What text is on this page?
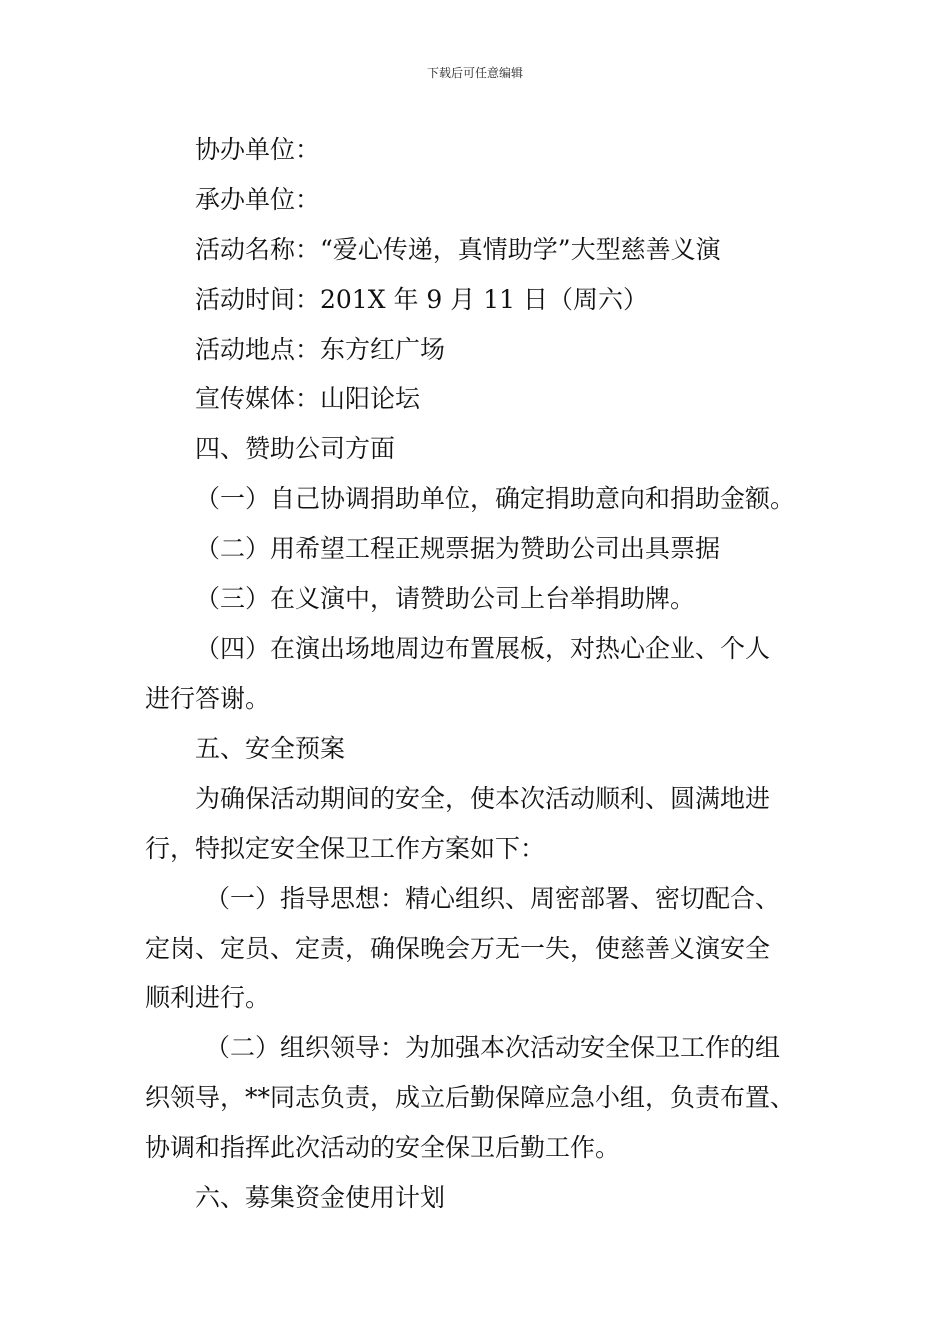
下载后可任意编辑
协办单位：
承办单位：
活动名称：“爱心传递，真情助学”大型慈善义演
活动时间：201X 年 9 月 11 日（周六）
活动地点：东方红广场
宣传媒体：山阳论坛
四、赞助公司方面
（一）自己协调捐助单位，确定捐助意向和捐助金额。
（二）用希望工程正规票据为赞助公司出具票据
（三）在义演中，请赞助公司上台举捐助牌。
（四）在演出场地周边布置展板，对热心企业、个人
进行答谢。
五、安全预案
为确保活动期间的安全，使本次活动顺利、圆满地进
行，特拟定安全保卫工作方案如下：
（一）指导思想：精心组织、周密部署、密切配合、
定岗、定员、定责，确保晚会万无一失，使慈善义演安全
顺利进行。
（二）组织领导：为加强本次活动安全保卫工作的组
织领导，**同志负责，成立后勤保障应急小组，负责布置、
协调和指挥此次活动的安全保卫后勤工作。
六、募集资金使用计划
